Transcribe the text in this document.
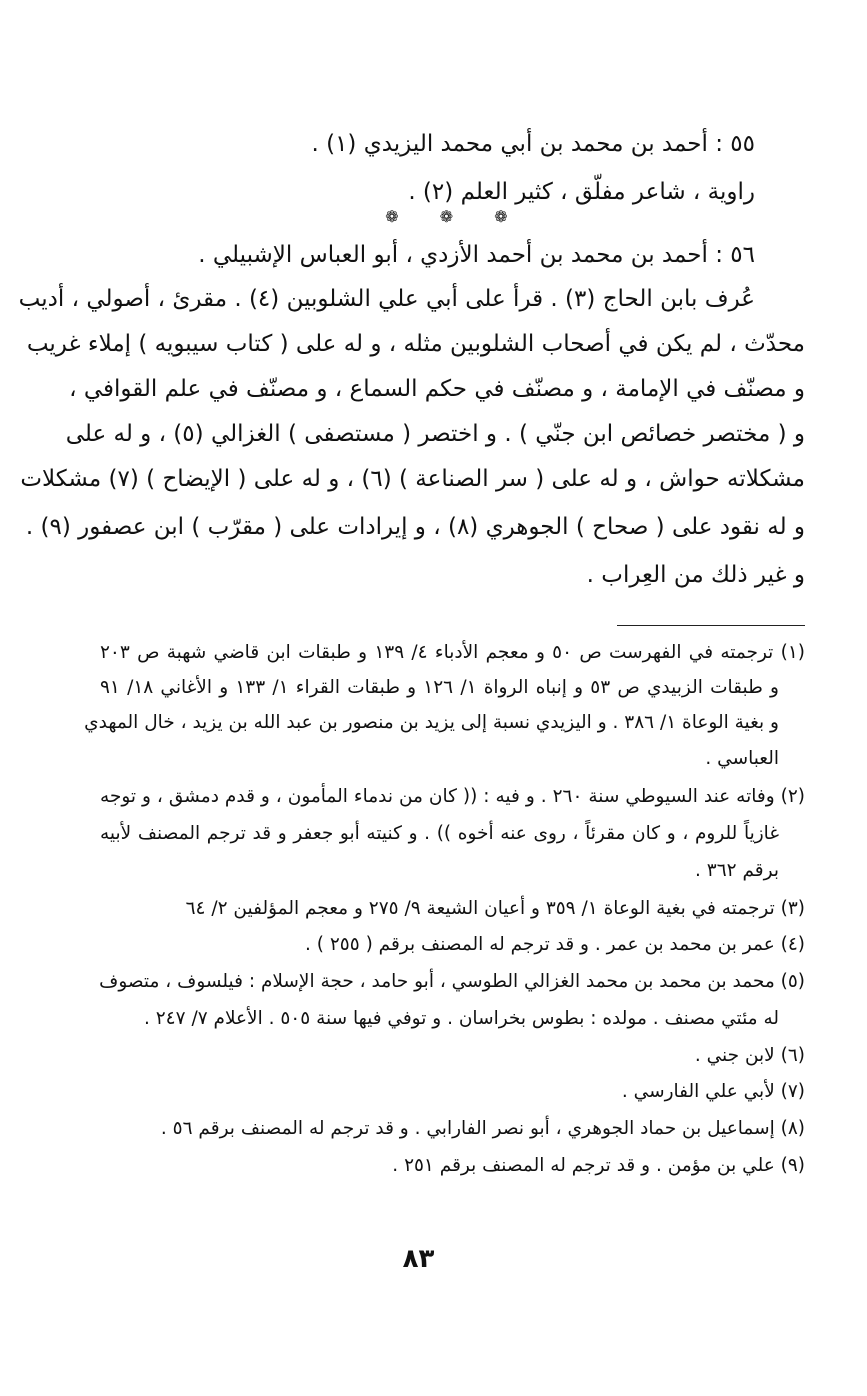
٥٥ : أحمد بن محمد بن أبي محمد اليزيدي (١) .
راوية ، شاعر مفلّق ، كثير العلم (٢) .
❁ ❁ ❁
٥٦ : أحمد بن محمد بن أحمد الأزدي ، أبو العباس الإشبيلي .
عُرف بابن الحاج (٣) . قرأ على أبي علي الشلوبين (٤) . مقرئ ، أصولي ، أديب
محدّث ، لم يكن في أصحاب الشلوبين مثله ، و له على ( كتاب سيبويه ) إملاء غريب
و مصنّف في الإمامة ، و مصنّف في حكم السماع ، و مصنّف في علم القوافي ،
و ( مختصر خصائص ابن جنّي ) . و اختصر ( مستصفى ) الغزالي (٥) ، و له على
مشكلاته حواش ، و له على ( سر الصناعة ) (٦) ، و له على ( الإيضاح ) (٧) مشكلات
و له نقود على ( صحاح ) الجوهري (٨) ، و إيرادات على ( مقرّب ) ابن عصفور (٩) .
و غير ذلك من العِراب .
(١) ترجمته في الفهرست ص ٥٠ و معجم الأدباء ٤/ ١٣٩ و طبقات ابن قاضي شهبة ص ٢٠٣
و طبقات الزبيدي ص ٥٣ و إنباه الرواة ١/ ١٢٦ و طبقات القراء ١/ ١٣٣ و الأغاني ١٨/ ٩١
و بغية الوعاة ١/ ٣٨٦ . و اليزيدي نسبة إلى يزيد بن منصور بن عبد الله بن يزيد ، خال المهدي
العباسي .
(٢) وفاته عند السيوطي سنة ٢٦٠ . و فيه : (( كان من ندماء المأمون ، و قدم دمشق ، و توجه
غازياً للروم ، و كان مقرئاً ، روى عنه أخوه )) . و كنيته أبو جعفر و قد ترجم المصنف لأبيه
برقم ٣٦٢ .
(٣) ترجمته في بغية الوعاة ١/ ٣٥٩ و أعيان الشيعة ٩/ ٢٧٥ و معجم المؤلفين ٢/ ٦٤
(٤) عمر بن محمد بن عمر . و قد ترجم له المصنف برقم ( ٢٥٥ ) .
(٥) محمد بن محمد بن محمد الغزالي الطوسي ، أبو حامد ، حجة الإسلام : فيلسوف ، متصوف
له مئتي مصنف . مولده : بطوس بخراسان . و توفي فيها سنة ٥٠٥ . الأعلام ٧/ ٢٤٧ .
(٦) لابن جني .
(٧) لأبي علي الفارسي .
(٨) إسماعيل بن حماد الجوهري ، أبو نصر الفارابي . و قد ترجم له المصنف برقم ٥٦ .
(٩) علي بن مؤمن . و قد ترجم له المصنف برقم ٢٥١ .
٨٣
